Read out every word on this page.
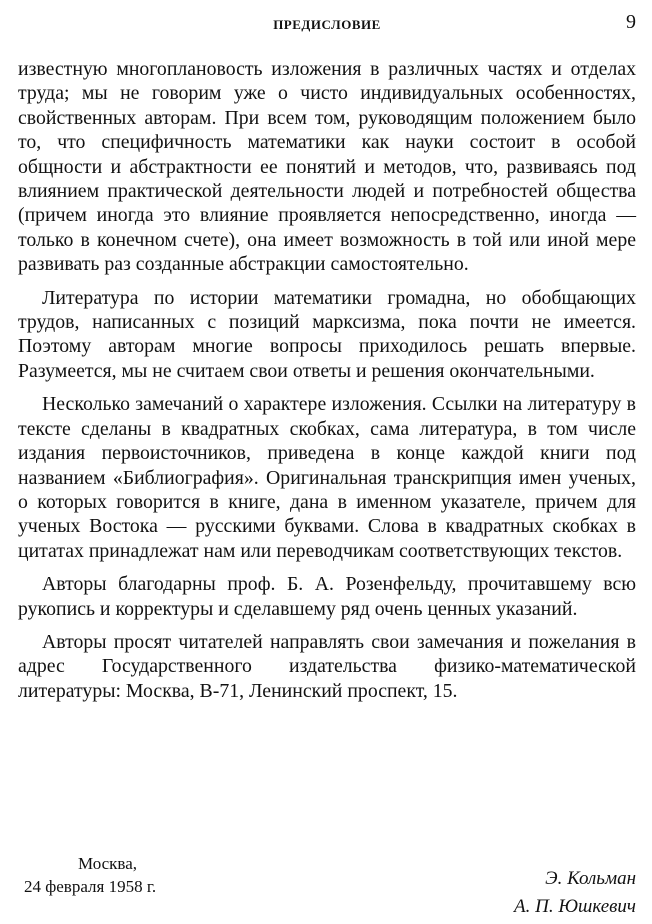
ПРЕДИСЛОВИЕ	9

известную многоплановость изложения в различных частях и отделах труда; мы не говорим уже о чисто индивидуальных особенностях, свойственных авторам. При всем том, руководящим положением было то, что специфичность математики как науки состоит в особой общности и абстрактности ее понятий и методов, что, развиваясь под влиянием практической деятельности людей и потребностей общества (причем иногда это влияние проявляется непосредственно, иногда — только в конечном счете), она имеет возможность в той или иной мере развивать раз созданные абстракции самостоятельно.

Литература по истории математики громадна, но обобщающих трудов, написанных с позиций марксизма, пока почти не имеется. Поэтому авторам многие вопросы приходилось решать впервые. Разумеется, мы не считаем свои ответы и решения окончательными.

Несколько замечаний о характере изложения. Ссылки на литературу в тексте сделаны в квадратных скобках, сама литература, в том числе издания первоисточников, приведена в конце каждой книги под названием «Библиография». Оригинальная транскрипция имен ученых, о которых говорится в книге, дана в именном указателе, причем для ученых Востока — русскими буквами. Слова в квадратных скобках в цитатах принадлежат нам или переводчикам соответствующих текстов.

Авторы благодарны проф. Б. А. Розенфельду, прочитавшему всю рукопись и корректуры и сделавшему ряд очень ценных указаний.

Авторы просят читателей направлять свои замечания и пожелания в адрес Государственного издательства физико-математической литературы: Москва, В-71, Ленинский проспект, 15.

Москва,
24 февраля 1958 г.	Э. Кольман
А. П. Юшкевич
